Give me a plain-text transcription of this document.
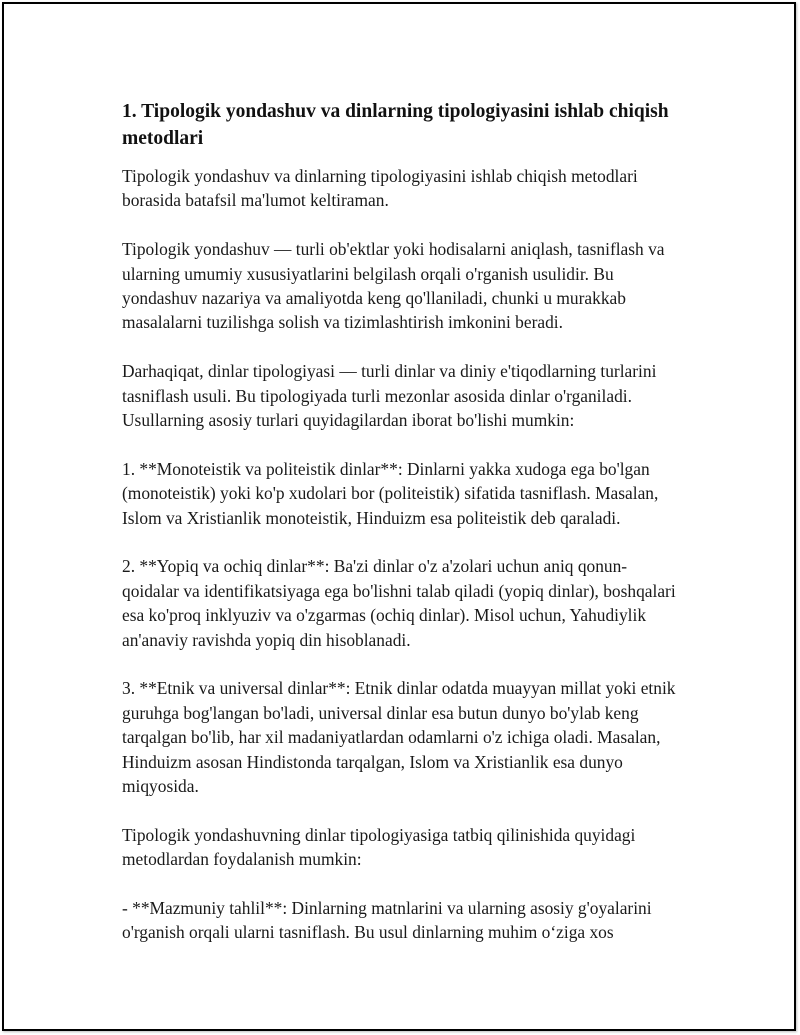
1. Tipologik yondashuv va dinlarning tipologiyasini ishlab chiqish metodlari

Tipologik yondashuv va dinlarning tipologiyasini ishlab chiqish metodlari borasida batafsil ma'lumot keltiraman.

Tipologik yondashuv — turli ob'ektlar yoki hodisalarni aniqlash, tasniflash va ularning umumiy xususiyatlarini belgilash orqali o'rganish usulidir. Bu yondashuv nazariya va amaliyotda keng qo'llaniladi, chunki u murakkab masalalarni tuzilishga solish va tizimlashtirish imkonini beradi.

Darhaqiqat, dinlar tipologiyasi — turli dinlar va diniy e'tiqodlarning turlarini tasniflash usuli. Bu tipologiyada turli mezonlar asosida dinlar o'rganiladi. Usullarning asosiy turlari quyidagilardan iborat bo'lishi mumkin:

1. **Monoteistik va politeistik dinlar**: Dinlarni yakka xudoga ega bo'lgan (monoteistik) yoki ko'p xudolari bor (politeistik) sifatida tasniflash. Masalan, Islom va Xristianlik monoteistik, Hinduizm esa politeistik deb qaraladi.

2. **Yopiq va ochiq dinlar**: Ba'zi dinlar o'z a'zolari uchun aniq qonun-qoidalar va identifikatsiyaga ega bo'lishni talab qiladi (yopiq dinlar), boshqalari esa ko'proq inklyuziv va o'zgarmas (ochiq dinlar). Misol uchun, Yahudiylik an'anaviy ravishda yopiq din hisoblanadi.

3. **Etnik va universal dinlar**: Etnik dinlar odatda muayyan millat yoki etnik guruhga bog'langan bo'ladi, universal dinlar esa butun dunyo bo'ylab keng tarqalgan bo'lib, har xil madaniyatlardan odamlarni o'z ichiga oladi. Masalan, Hinduizm asosan Hindistonda tarqalgan, Islom va Xristianlik esa dunyo miqyosida.

Tipologik yondashuvning dinlar tipologiyasiga tatbiq qilinishida quyidagi metodlardan foydalanish mumkin:

- **Mazmuniy tahlil**: Dinlarning matnlarini va ularning asosiy g'oyalarini o'rganish orqali ularni tasniflash. Bu usul dinlarning muhim o‘ziga xos
